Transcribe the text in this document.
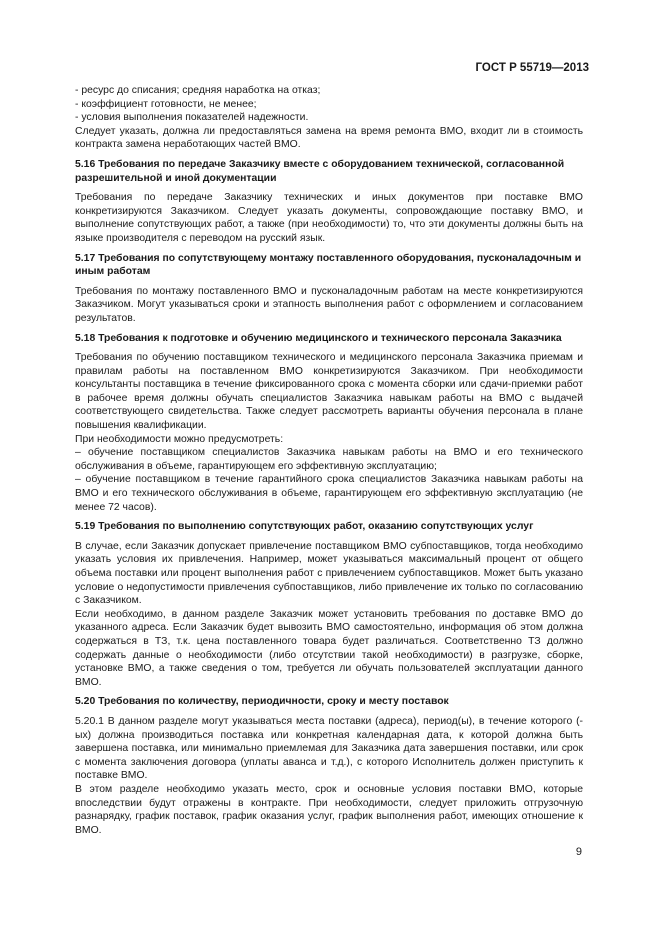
ГОСТ Р 55719—2013

- ресурс до списания; средняя наработка на отказ;

- коэффициент готовности, не менее;

- условия выполнения показателей надежности.

Следует указать, должна ли предоставляться замена на время ремонта ВМО, входит ли в стоимость контракта замена неработающих частей ВМО.

5.16 Требования по передаче Заказчику вместе с оборудованием технической, согласованной разрешительной и иной документации

Требования по передаче Заказчику технических и иных документов при поставке ВМО конкретизируются Заказчиком. Следует указать документы, сопровождающие поставку ВМО, и выполнение сопутствующих работ, а также (при необходимости) то, что эти документы должны быть на языке производителя с переводом на русский язык.

5.17 Требования по сопутствующему монтажу поставленного оборудования, пусконаладочным и иным работам

Требования по монтажу поставленного ВМО и пусконаладочным работам на месте конкретизируются Заказчиком. Могут указываться сроки и этапность выполнения работ с оформлением и согласованием результатов.

5.18 Требования к подготовке и обучению медицинского и технического персонала Заказчика

Требования по обучению поставщиком технического и медицинского персонала Заказчика приемам и правилам работы на поставленном ВМО конкретизируются Заказчиком. При необходимости консультанты поставщика в течение фиксированного срока с момента сборки или сдачи-приемки работ в рабочее время должны обучать специалистов Заказчика навыкам работы на ВМО с выдачей соответствующего свидетельства. Также следует рассмотреть варианты обучения персонала в плане повышения квалификации.

При необходимости можно предусмотреть:

– обучение поставщиком специалистов Заказчика навыкам работы на ВМО и его технического обслуживания в объеме, гарантирующем его эффективную эксплуатацию;

– обучение поставщиком в течение гарантийного срока специалистов Заказчика навыкам работы на ВМО и его технического обслуживания в объеме, гарантирующем его эффективную эксплуатацию (не менее 72 часов).

5.19 Требования по выполнению сопутствующих работ, оказанию сопутствующих услуг

В случае, если Заказчик допускает привлечение поставщиком ВМО субпоставщиков, тогда необходимо указать условия их привлечения. Например, может указываться максимальный процент от общего объема поставки или процент выполнения работ с привлечением субпоставщиков. Может быть указано условие о недопустимости привлечения субпоставщиков, либо привлечение их только по согласованию с Заказчиком.

Если необходимо, в данном разделе Заказчик может установить требования по доставке ВМО до указанного адреса. Если Заказчик будет вывозить ВМО самостоятельно, информация об этом должна содержаться в ТЗ, т.к. цена поставленного товара будет различаться. Соответственно ТЗ должно содержать данные о необходимости (либо отсутствии такой необходимости) в разгрузке, сборке, установке ВМО, а также сведения о том, требуется ли обучать пользователей эксплуатации данного ВМО.

5.20 Требования по количеству, периодичности, сроку и месту поставок

5.20.1 В данном разделе могут указываться места поставки (адреса), период(ы), в течение которого (-ых) должна производиться поставка или конкретная календарная дата, к которой должна быть завершена поставка, или минимально приемлемая для Заказчика дата завершения поставки, или срок с момента заключения договора (уплаты аванса и т.д.), с которого Исполнитель должен приступить к поставке ВМО.

В этом разделе необходимо указать место, срок и основные условия поставки ВМО, которые впоследствии будут отражены в контракте. При необходимости, следует приложить отгрузочную разнарядку, график поставок, график оказания услуг, график выполнения работ, имеющих отношение к ВМО.

9
